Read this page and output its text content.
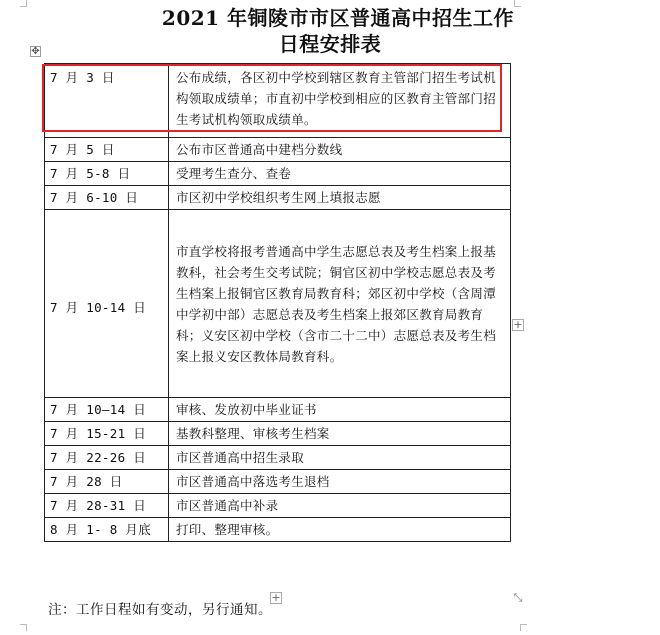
2021 年铜陵市市区普通高中招生工作
日程安排表
✥
7 月 3 日	公布成绩，各区初中学校到辖区教育主管部门招生考试机构领取成绩单；市直初中学校到相应的区教育主管部门招生考试机构领取成绩单。
7 月 5 日	公布市区普通高中建档分数线
7 月 5-8 日	受理考生查分、查卷
7 月 6-10 日	市区初中学校组织考生网上填报志愿
7 月 10-14 日	市直学校将报考普通高中学生志愿总表及考生档案上报基教科，社会考生交考试院；铜官区初中学校志愿总表及考生档案上报铜官区教育局教育科；郊区初中学校（含周潭中学初中部）志愿总表及考生档案上报郊区教育局教育科；义安区初中学校（含市二十二中）志愿总表及考生档案上报义安区教体局教育科。
7 月 10—14 日	审核、发放初中毕业证书
7 月 15-21 日	基教科整理、审核考生档案
7 月 22-26 日	市区普通高中招生录取
7 月 28 日	市区普通高中落选考生退档
7 月 28-31 日	市区普通高中补录
8 月 1- 8 月底	打印、整理审核。
+
+	⤡
注：工作日程如有变动，另行通知。
